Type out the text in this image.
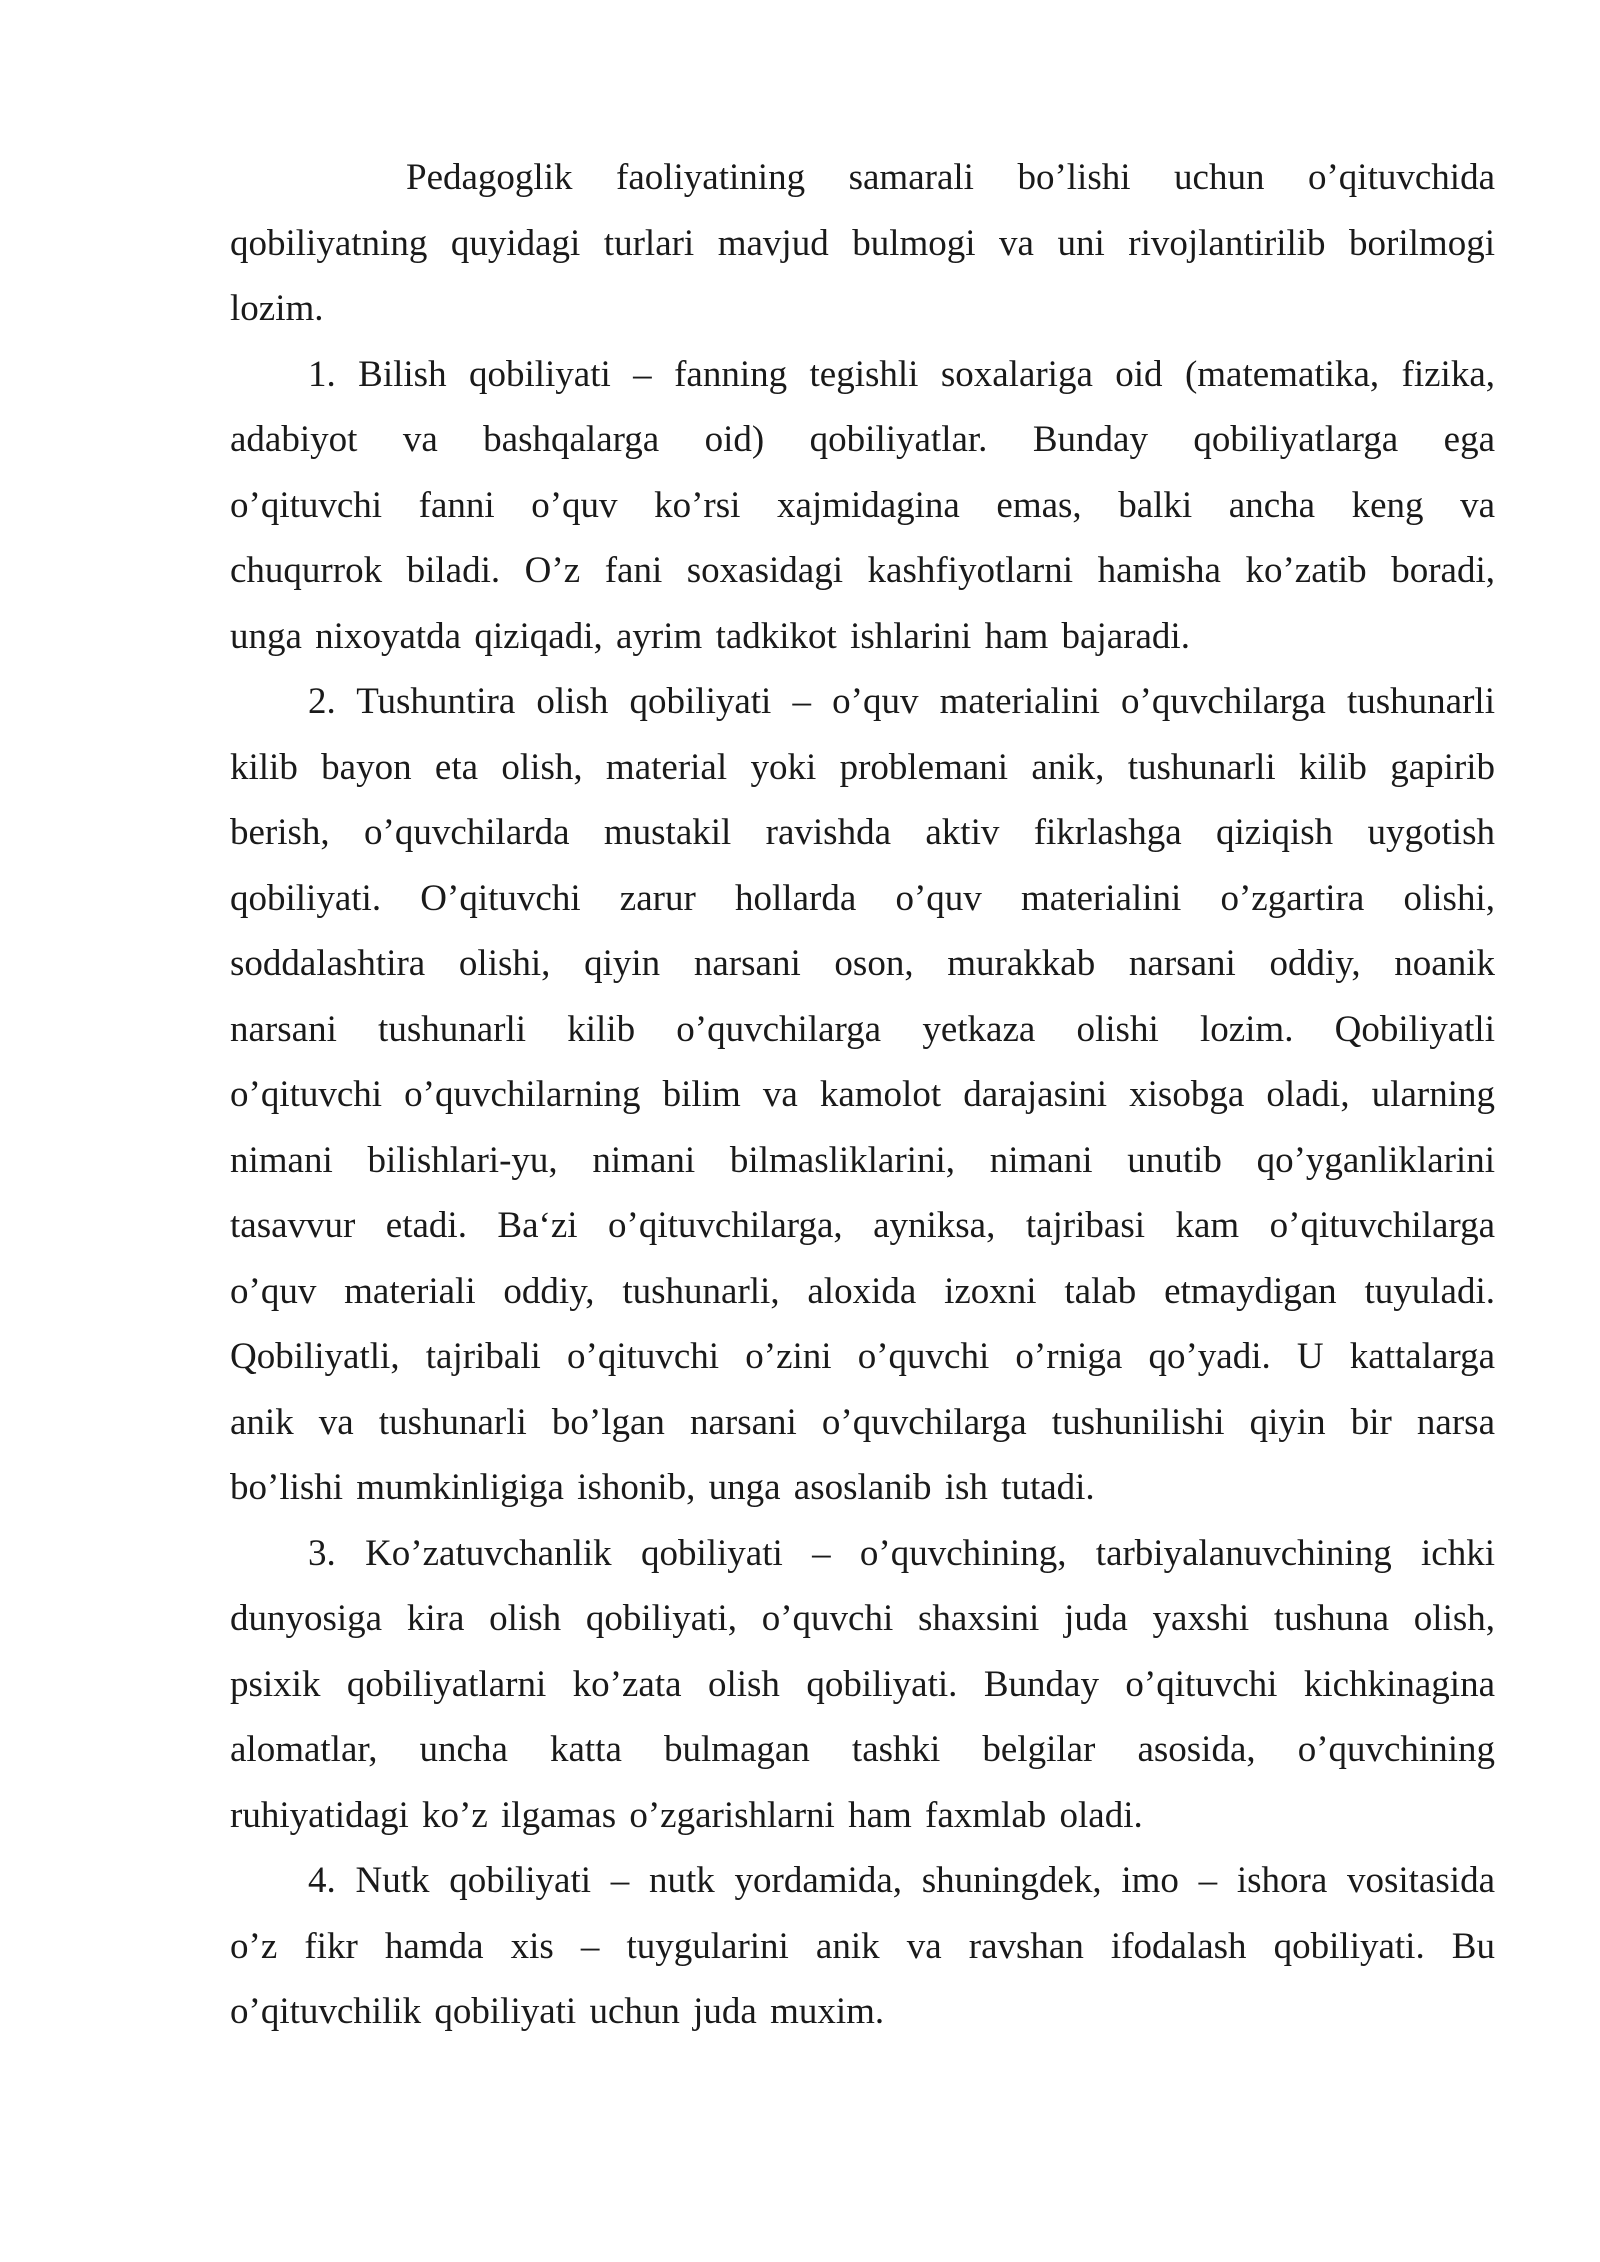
Pedagoglik faoliyatining samarali bo’lishi uchun o’qituvchida
qobiliyatning quyidagi turlari mavjud bulmogi va uni rivojlantirilib borilmogi
lozim.
1. Bilish qobiliyati – fanning tegishli soxalariga oid (matematika, fizika,
adabiyot va bashqalarga oid) qobiliyatlar. Bunday qobiliyatlarga ega
o’qituvchi fanni o’quv ko’rsi xajmidagina emas, balki ancha keng va
chuqurrok biladi. O’z fani soxasidagi kashfiyotlarni hamisha ko’zatib boradi,
unga nixoyatda qiziqadi, ayrim tadkikot ishlarini ham bajaradi.
2. Tushuntira olish qobiliyati – o’quv materialini o’quvchilarga tushunarli
kilib bayon eta olish, material yoki problemani anik, tushunarli kilib gapirib
berish, o’quvchilarda mustakil ravishda aktiv fikrlashga qiziqish uygotish
qobiliyati. O’qituvchi zarur hollarda o’quv materialini o’zgartira olishi,
soddalashtira olishi, qiyin narsani oson, murakkab narsani oddiy, noanik
narsani tushunarli kilib o’quvchilarga yetkaza olishi lozim. Qobiliyatli
o’qituvchi o’quvchilarning bilim va kamolot darajasini xisobga oladi, ularning
nimani bilishlari-yu, nimani bilmasliklarini, nimani unutib qo’yganliklarini
tasavvur etadi. Ba‘zi o’qituvchilarga, ayniksa, tajribasi kam o’qituvchilarga
o’quv materiali oddiy, tushunarli, aloxida izoxni talab etmaydigan tuyuladi.
Qobiliyatli, tajribali o’qituvchi o’zini o’quvchi o’rniga qo’yadi. U kattalarga
anik va tushunarli bo’lgan narsani o’quvchilarga tushunilishi qiyin bir narsa
bo’lishi mumkinligiga ishonib, unga asoslanib ish tutadi.
3. Ko’zatuvchanlik qobiliyati – o’quvchining, tarbiyalanuvchining ichki
dunyosiga kira olish qobiliyati, o’quvchi shaxsini juda yaxshi tushuna olish,
psixik qobiliyatlarni ko’zata olish qobiliyati. Bunday o’qituvchi kichkinagina
alomatlar, uncha katta bulmagan tashki belgilar asosida, o’quvchining
ruhiyatidagi ko’z ilgamas o’zgarishlarni ham faxmlab oladi.
4. Nutk qobiliyati – nutk yordamida, shuningdek, imo – ishora vositasida
o’z fikr hamda xis – tuygularini anik va ravshan ifodalash qobiliyati. Bu
o’qituvchilik qobiliyati uchun juda muxim.
